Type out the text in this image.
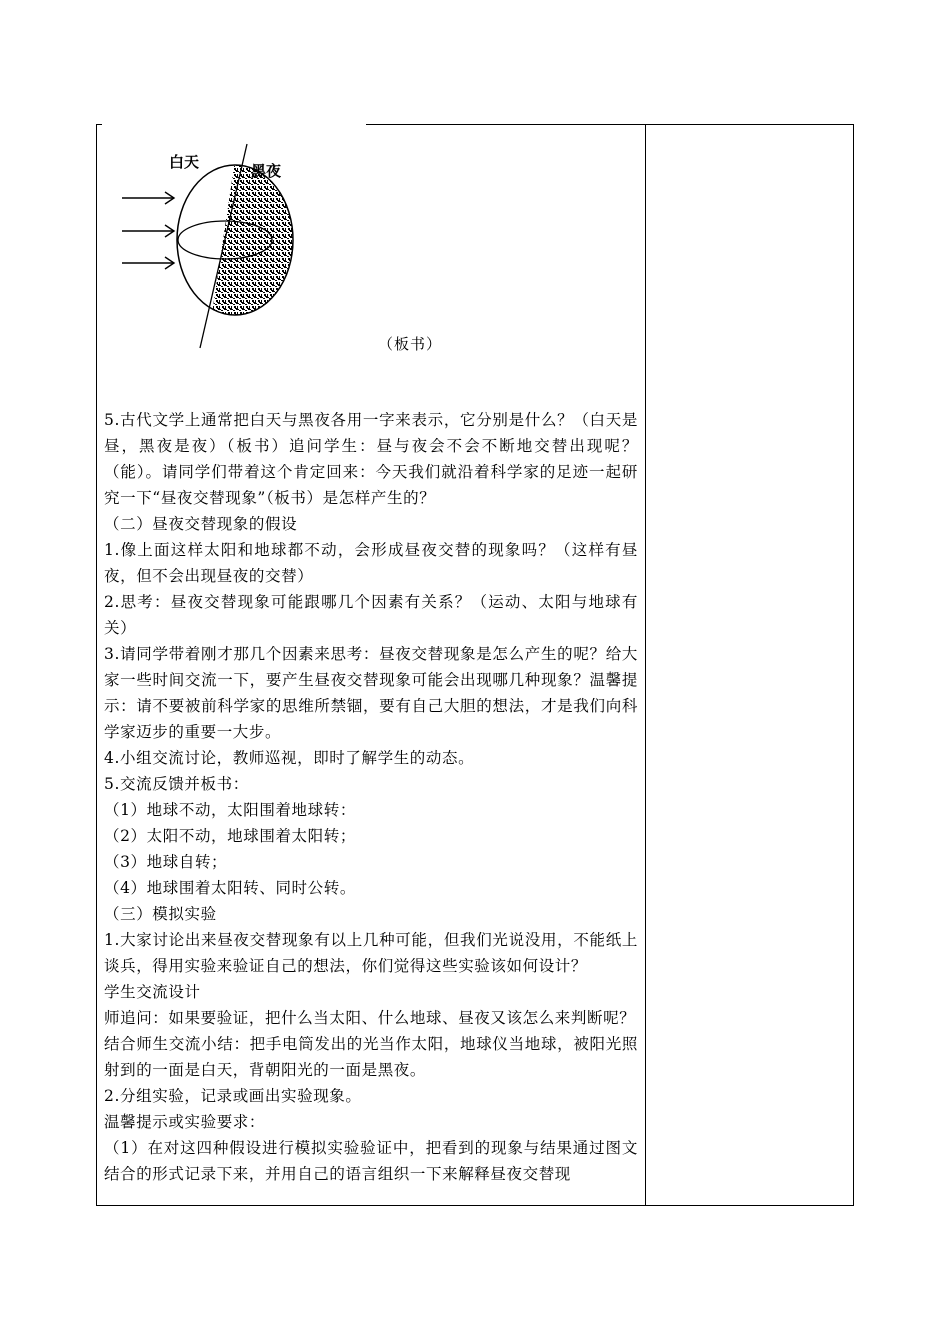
白天	黑夜
（板书）

5.古代文学上通常把白天与黑夜各用一字来表示，它分别是什么？（白天是昼，黑夜是夜）（板书）追问学生：昼与夜会不会不断地交替出现呢？（能）。请同学们带着这个肯定回来：今天我们就沿着科学家的足迹一起研究一下“昼夜交替现象”（板书）是怎样产生的？

（二）昼夜交替现象的假设

1.像上面这样太阳和地球都不动，会形成昼夜交替的现象吗？（这样有昼夜，但不会出现昼夜的交替）

2.思考：昼夜交替现象可能跟哪几个因素有关系？（运动、太阳与地球有关）

3.请同学带着刚才那几个因素来思考：昼夜交替现象是怎么产生的呢？给大家一些时间交流一下，要产生昼夜交替现象可能会出现哪几种现象？温馨提示：请不要被前科学家的思维所禁锢，要有自己大胆的想法，才是我们向科学家迈步的重要一大步。

4.小组交流讨论，教师巡视，即时了解学生的动态。

5.交流反馈并板书：

（1）地球不动，太阳围着地球转：

（2）太阳不动，地球围着太阳转；

（3）地球自转；

（4）地球围着太阳转、同时公转。

（三）模拟实验

1.大家讨论出来昼夜交替现象有以上几种可能，但我们光说没用，不能纸上谈兵，得用实验来验证自己的想法，你们觉得这些实验该如何设计？

学生交流设计

师追问：如果要验证，把什么当太阳、什么地球、昼夜又该怎么来判断呢？

结合师生交流小结：把手电筒发出的光当作太阳，地球仪当地球，被阳光照射到的一面是白天，背朝阳光的一面是黑夜。

2.分组实验，记录或画出实验现象。

温馨提示或实验要求：

（1）在对这四种假设进行模拟实验验证中，把看到的现象与结果通过图文结合的形式记录下来，并用自己的语言组织一下来解释昼夜交替现
